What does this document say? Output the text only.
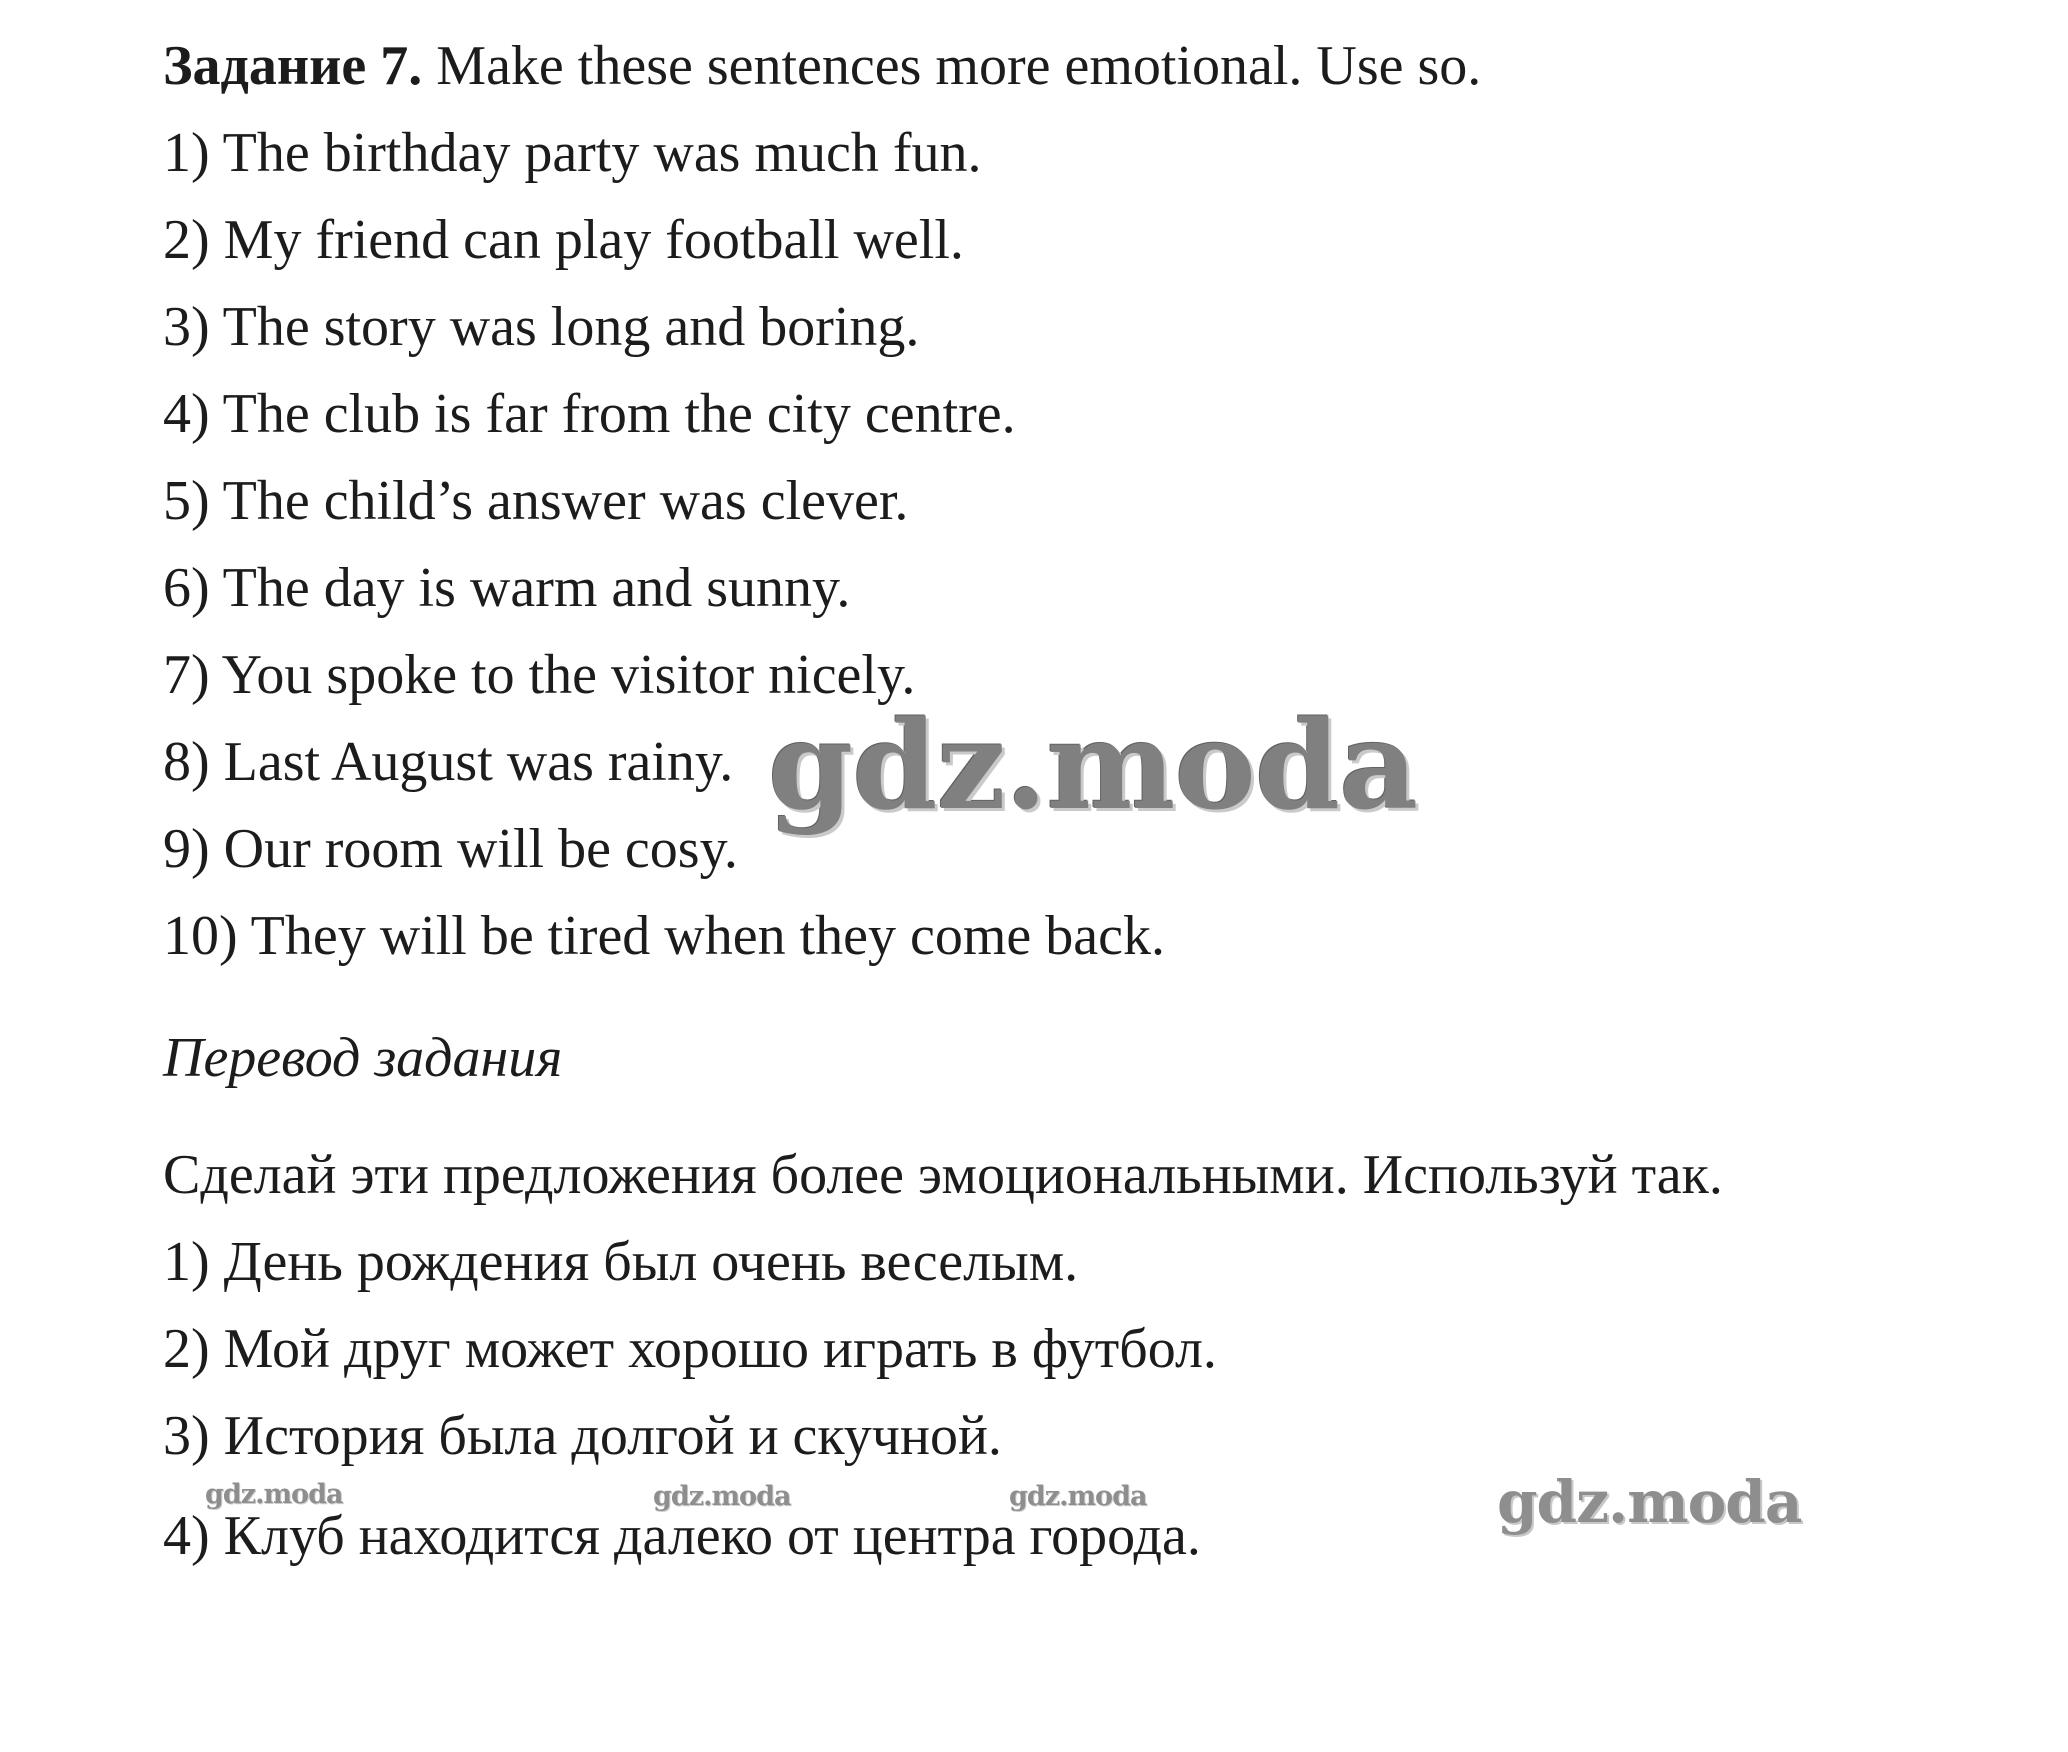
Задание 7. Make these sentences more emotional. Use so.
1) The birthday party was much fun.
2) My friend can play football well.
3) The story was long and boring.
4) The club is far from the city centre.
5) The child’s answer was clever.
6) The day is warm and sunny.
7) You spoke to the visitor nicely.
8) Last August was rainy.
9) Our room will be cosy.
10) They will be tired when they come back.
Перевод задания
Сделай эти предложения более эмоциональными. Используй так.
1) День рождения был очень веселым.
2) Мой друг может хорошо играть в футбол.
3) История была долгой и скучной.
4) Клуб находится далеко от центра города.
gdz.moda
gdz.moda
gdz.moda	gdz.moda	gdz.moda
